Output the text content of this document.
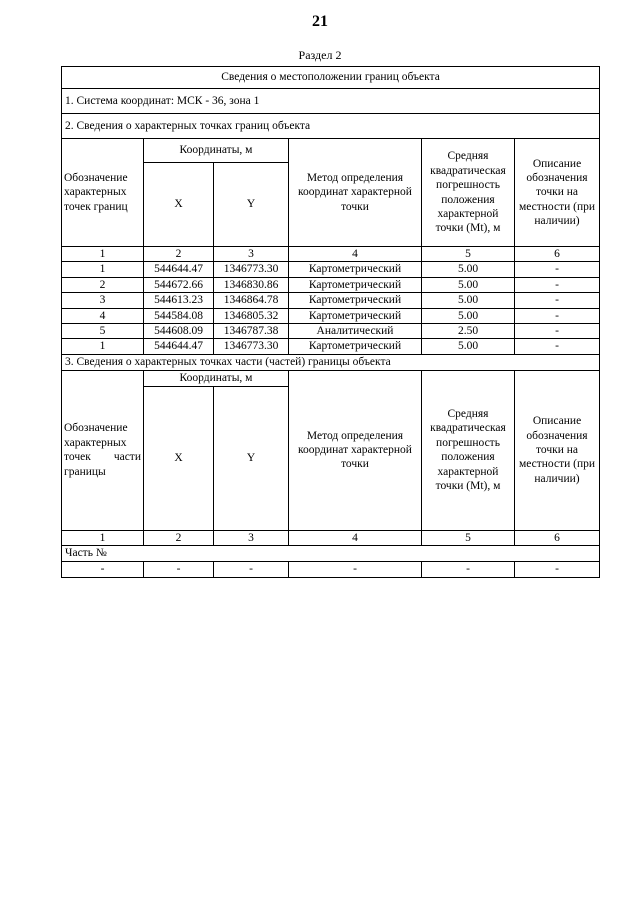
21
Раздел 2
Сведения о местоположении границ объекта					
1. Система координат: МСК - 36, зона 1					
2. Сведения о характерных точках границ объекта					
Обозначение характерных точек границ	Координаты, м		Метод определения координат характерной точки	Средняя квадратическая погрешность положения характерной точки (Mt), м	Описание обозначения точки на местности (при наличии)
	X	Y			
1	2	3	4	5	6
1	544644.47	1346773.30	Картометрический	5.00	-
2	544672.66	1346830.86	Картометрический	5.00	-
3	544613.23	1346864.78	Картометрический	5.00	-
4	544584.08	1346805.32	Картометрический	5.00	-
5	544608.09	1346787.38	Аналитический	2.50	-
1	544644.47	1346773.30	Картометрический	5.00	-
3. Сведения о характерных точках части (частей) границы объекта					
Обозначение характерных точек части границы	Координаты, м		Метод определения координат характерной точки	Средняя квадратическая погрешность положения характерной точки (Mt), м	Описание обозначения точки на местности (при наличии)
	X	Y			
1	2	3	4	5	6
Часть №					
-	-	-	-	-	-
